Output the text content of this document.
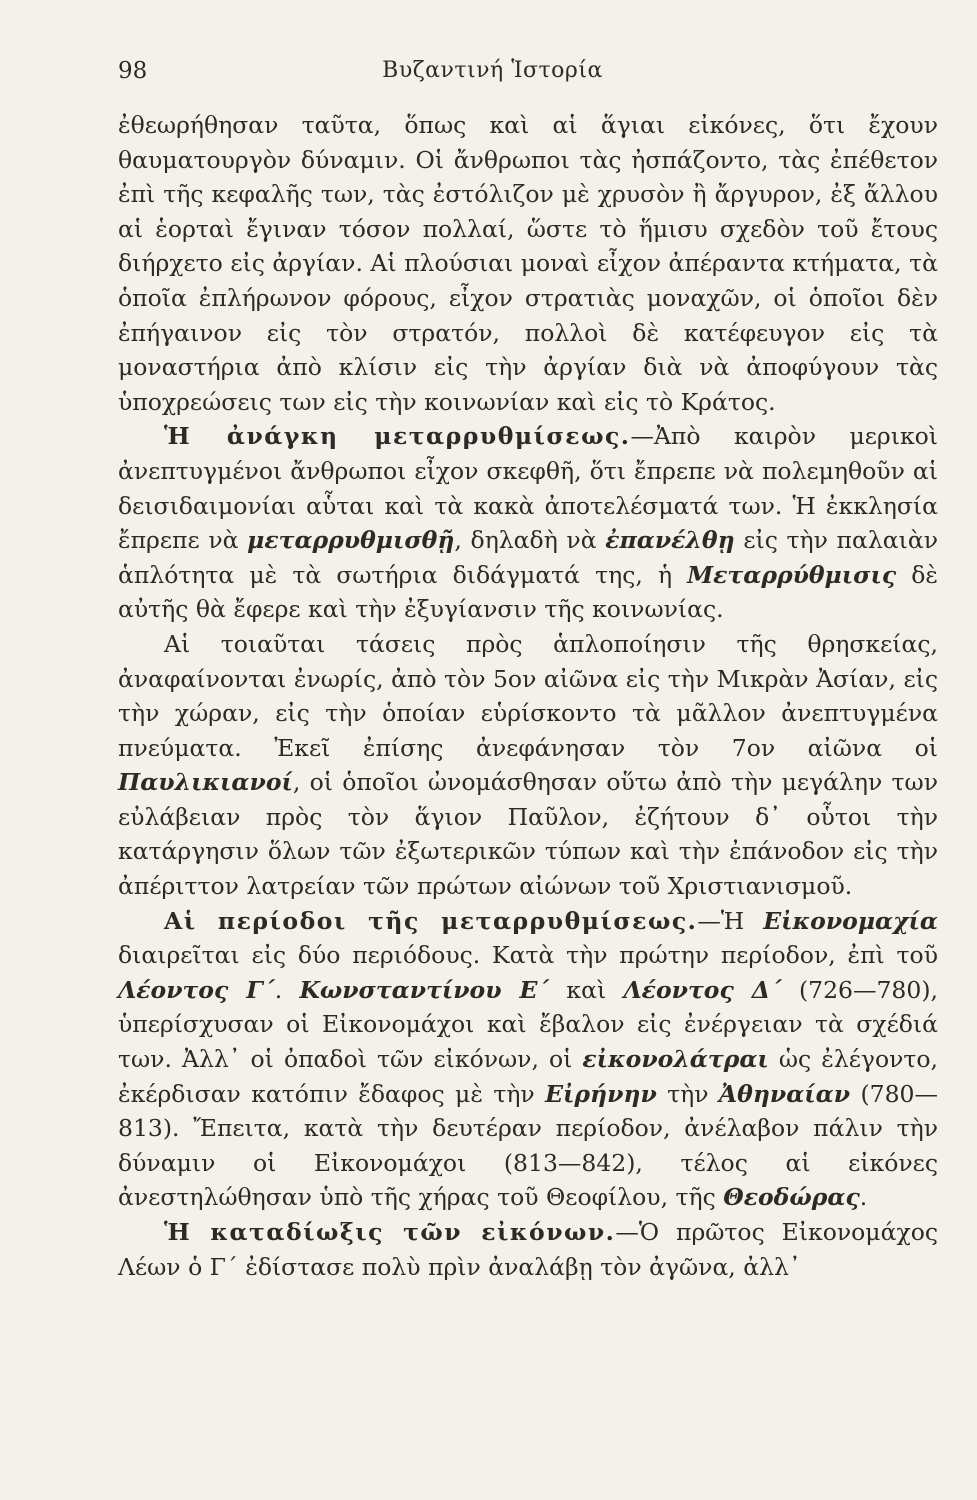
98	Βυζαντινή Ἱστορία

ἐθεωρήθησαν ταῦτα, ὅπως καὶ αἱ ἅγιαι εἰκόνες, ὅτι ἔχουν θαυματουργὸν δύναμιν. Οἱ ἄνθρωποι τὰς ἠσπάζοντο, τὰς ἐπέθετον ἐπὶ τῆς κεφαλῆς των, τὰς ἐστόλιζον μὲ χρυσὸν ἢ ἄργυρον, ἐξ ἄλλου αἱ ἑορταὶ ἔγιναν τόσον πολλαί, ὥστε τὸ ἥμισυ σχεδὸν τοῦ ἔτους διήρχετο εἰς ἀργίαν. Αἱ πλούσιαι μοναὶ εἶχον ἀπέραντα κτήματα, τὰ ὁποῖα ἐπλήρωνον φόρους, εἶχον στρατιὰς μοναχῶν, οἱ ὁποῖοι δὲν ἐπήγαινον εἰς τὸν στρατόν, πολλοὶ δὲ κατέφευγον εἰς τὰ μοναστήρια ἀπὸ κλίσιν εἰς τὴν ἀργίαν διὰ νὰ ἀποφύγουν τὰς ὑποχρεώσεις των εἰς τὴν κοινωνίαν καὶ εἰς τὸ Κράτος.

Ἡ ἀνάγκη μεταρρυθμίσεως.—Ἀπὸ καιρὸν μερικοὶ ἀνεπτυγμένοι ἄνθρωποι εἶχον σκεφθῆ, ὅτι ἔπρεπε νὰ πολεμηθοῦν αἱ δεισιδαιμονίαι αὗται καὶ τὰ κακὰ ἀποτελέσματά των. Ἡ ἐκκλησία ἔπρεπε νὰ μεταρρυθμισθῇ, δηλαδὴ νὰ ἐπανέλθῃ εἰς τὴν παλαιὰν ἁπλότητα μὲ τὰ σωτήρια διδάγματά της, ἡ Μεταρρύθμισις δὲ αὐτῆς θὰ ἔφερε καὶ τὴν ἐξυγίανσιν τῆς κοινωνίας.

Αἱ τοιαῦται τάσεις πρὸς ἁπλοποίησιν τῆς θρησκείας, ἀναφαίνονται ἐνωρίς, ἀπὸ τὸν 5ον αἰῶνα εἰς τὴν Μικρὰν Ἀσίαν, εἰς τὴν χώραν, εἰς τὴν ὁποίαν εὑρίσκοντο τὰ μᾶλλον ἀνεπτυγμένα πνεύματα. Ἐκεῖ ἐπίσης ἀνεφάνησαν τὸν 7ον αἰῶνα οἱ Παυλικιανοί, οἱ ὁποῖοι ὠνομάσθησαν οὕτω ἀπὸ τὴν μεγάλην των εὐλάβειαν πρὸς τὸν ἅγιον Παῦλον, ἐζήτουν δ᾽ οὗτοι τὴν κατάργησιν ὅλων τῶν ἐξωτερικῶν τύπων καὶ τὴν ἐπάνοδον εἰς τὴν ἀπέριττον λατρείαν τῶν πρώτων αἰώνων τοῦ Χριστιανισμοῦ.

Αἱ περίοδοι τῆς μεταρρυθμίσεως.—Ἡ Εἰκονομαχία διαιρεῖται εἰς δύο περιόδους. Κατὰ τὴν πρώτην περίοδον, ἐπὶ τοῦ Λέοντος Γ΄. Κωνσταντίνου Ε΄ καὶ Λέοντος Δ΄ (726—780), ὑπερίσχυσαν οἱ Εἰκονομάχοι καὶ ἔβαλον εἰς ἐνέργειαν τὰ σχέδιά των. Ἀλλ᾽ οἱ ὀπαδοὶ τῶν εἰκόνων, οἱ εἰκονολάτραι ὡς ἐλέγοντο, ἐκέρδισαν κατόπιν ἔδαφος μὲ τὴν Εἰρήνην τὴν Ἀθηναίαν (780—813). Ἔπειτα, κατὰ τὴν δευτέραν περίοδον, ἀνέλαβον πάλιν τὴν δύναμιν οἱ Εἰκονομάχοι (813—842), τέλος αἱ εἰκόνες ἀνεστηλώθησαν ὑπὸ τῆς χήρας τοῦ Θεοφίλου, τῆς Θεοδώρας.

Ἡ καταδίωξις τῶν εἰκόνων.—Ὁ πρῶτος Εἰκονομάχος Λέων ὁ Γ΄ ἐδίστασε πολὺ πρὶν ἀναλάβῃ τὸν ἀγῶνα, ἀλλ᾽
